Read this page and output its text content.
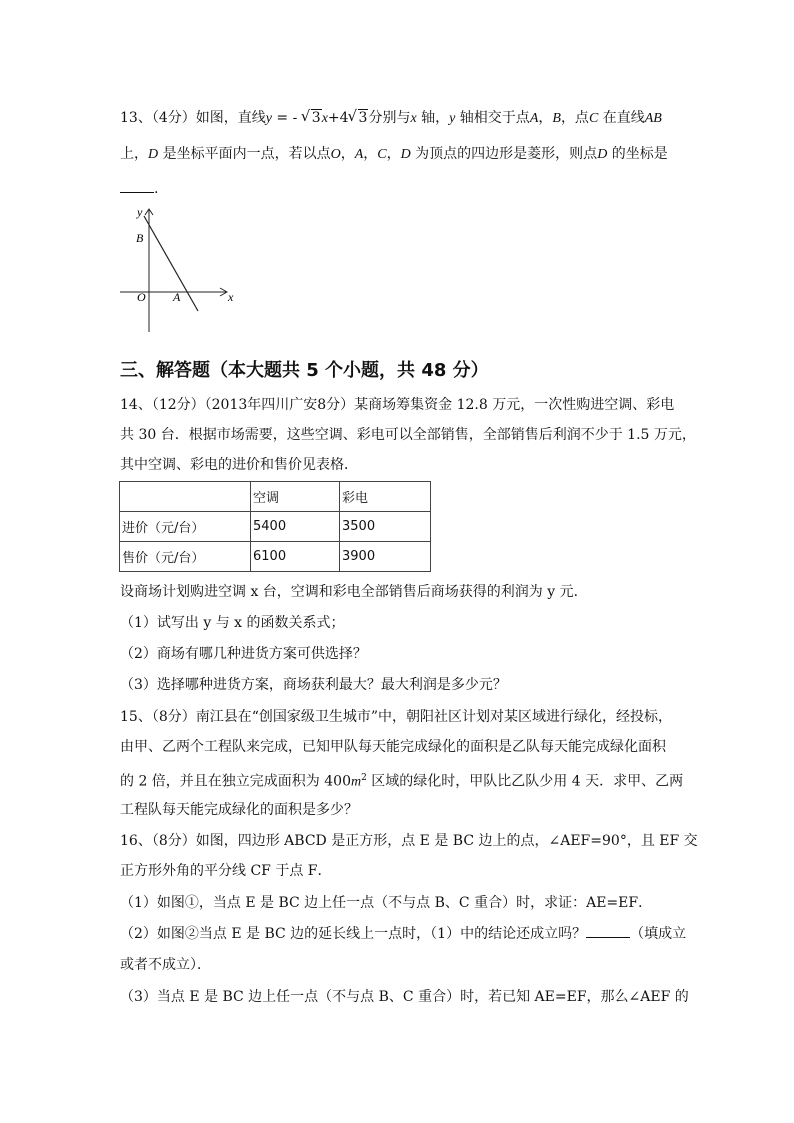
13、（4分）如图，直线y = - √ 3x+4 √ 3分别与x 轴，y 轴相交于点A，B，点C 在直线AB
上，D 是坐标平面内一点，若以点O，A，C，D 为顶点的四边形是菱形，则点D 的坐标是
.
y
x
B
O A
三、解答题（本大题共 5 个小题，共 48 分）
14、（12分）（2013年四川广安8分）某商场筹集资金 12.8 万元，一次性购进空调、彩电
共 30 台．根据市场需要，这些空调、彩电可以全部销售，全部销售后利润不少于 1.5 万元，
其中空调、彩电的进价和售价见表格．
	空调	彩电
进价（元/台）	5400	3500
售价（元/台）	6100	3900
设商场计划购进空调 x 台，空调和彩电全部销售后商场获得的利润为 y 元．
（1）试写出 y 与 x 的函数关系式；
（2）商场有哪几种进货方案可供选择？
（3）选择哪种进货方案，商场获利最大？最大利润是多少元？
15、（8分）南江县在“创国家级卫生城市”中，朝阳社区计划对某区域进行绿化，经投标，
由甲、乙两个工程队来完成，已知甲队每天能完成绿化的面积是乙队每天能完成绿化面积
的 2 倍，并且在独立完成面积为 $400m^2$ 区域的绿化时，甲队比乙队少用 4 天．求甲、乙两
工程队每天能完成绿化的面积是多少？
16、（8分）如图，四边形 ABCD 是正方形，点 E 是 BC 边上的点，∠AEF=90°，且 EF 交
正方形外角的平分线 CF 于点 F．
（1）如图①，当点 E 是 BC 边上任一点（不与点 B、C 重合）时，求证：AE=EF．
（2）如图②当点 E 是 BC 边的延长线上一点时，（1）中的结论还成立吗？	（填成立
或者不成立）．
（3）当点 E 是 BC 边上任一点（不与点 B、C 重合）时，若已知 AE=EF，那么∠AEF 的
